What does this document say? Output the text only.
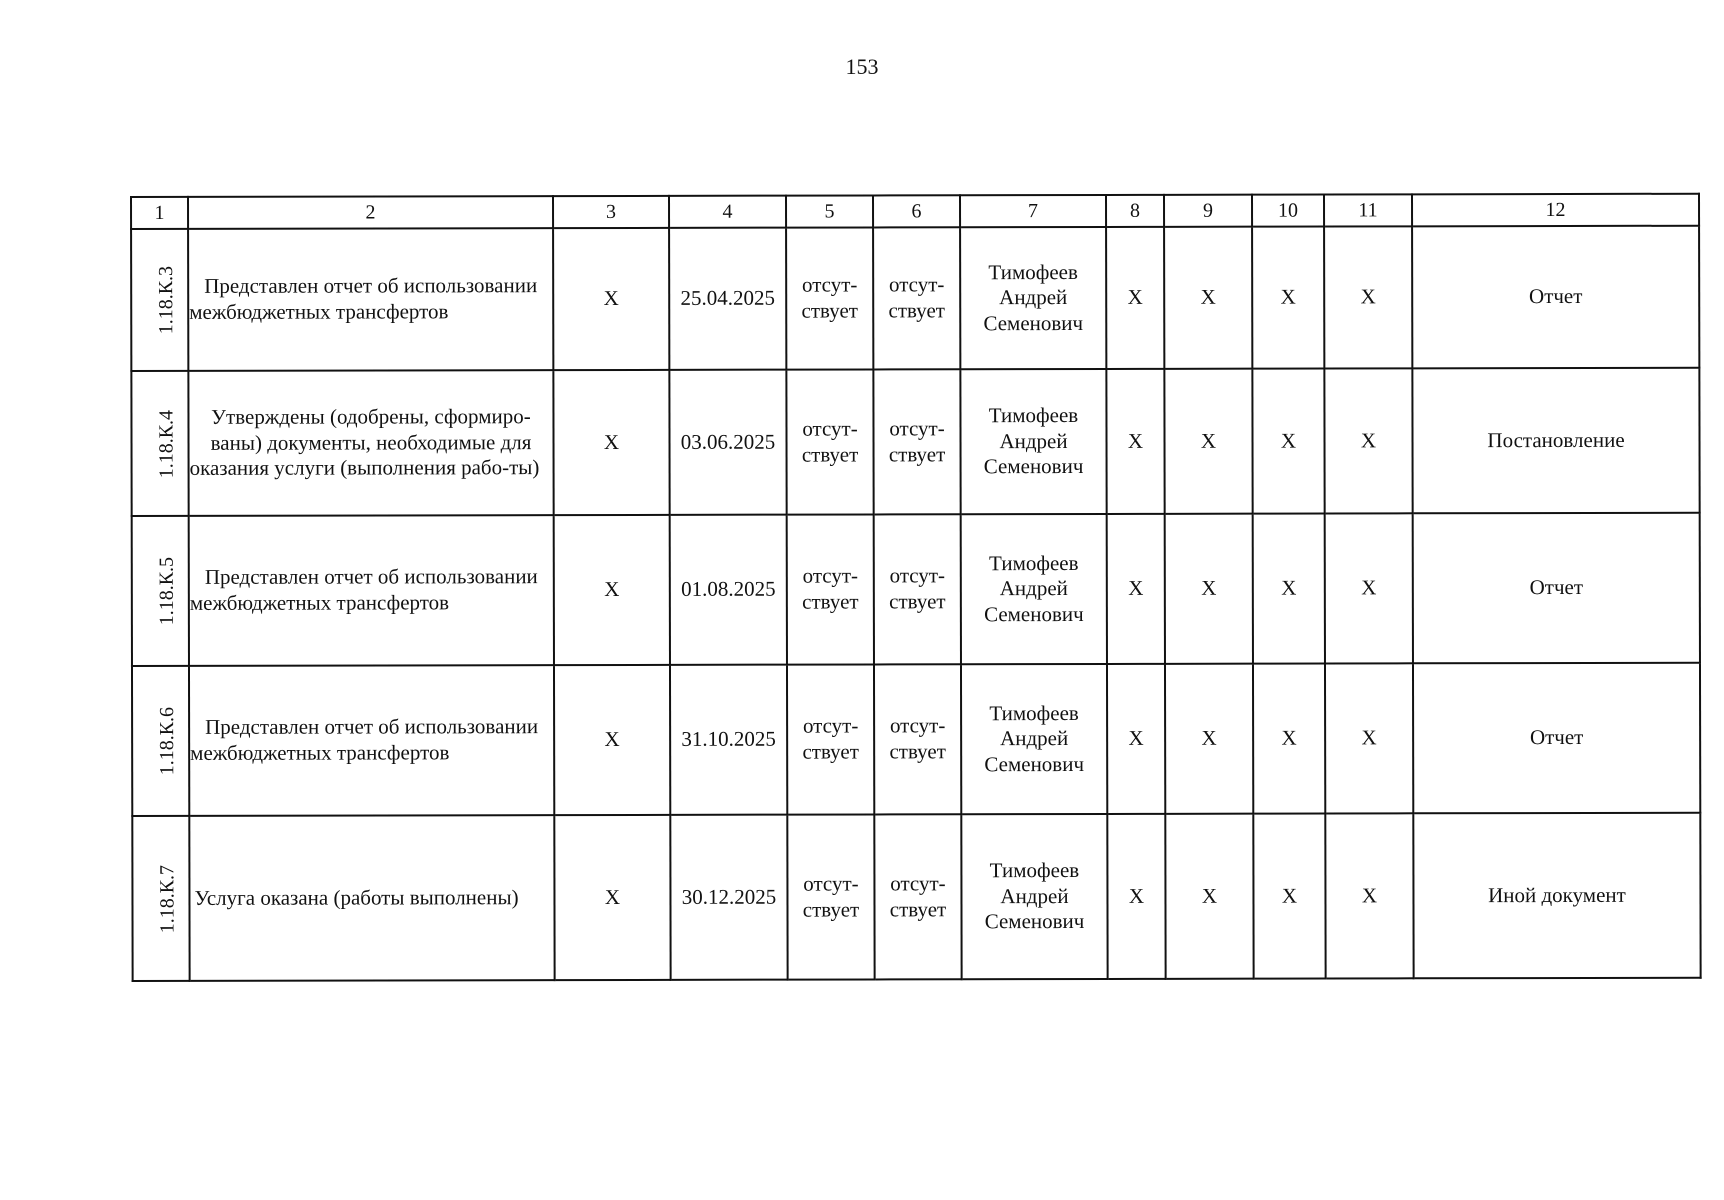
153
1	2	3	4	5	6	7	8	9	10	11	12
1.18.К.3	Представлен отчет об использовании межбюджетных трансфертов	X	25.04.2025	отсут-
ствует	отсут-
ствует	Тимофеев
Андрей
Семенович	X	X	X	X	Отчет
1.18.К.4	Утверждены (одобрены, сформиро-ваны) документы, необходимые для оказания услуги (выполнения рабо-ты)	X	03.06.2025	отсут-
ствует	отсут-
ствует	Тимофеев
Андрей
Семенович	X	X	X	X	Постановление
1.18.К.5	Представлен отчет об использовании межбюджетных трансфертов	X	01.08.2025	отсут-
ствует	отсут-
ствует	Тимофеев
Андрей
Семенович	X	X	X	X	Отчет
1.18.К.6	Представлен отчет об использовании межбюджетных трансфертов	X	31.10.2025	отсут-
ствует	отсут-
ствует	Тимофеев
Андрей
Семенович	X	X	X	X	Отчет
1.18.К.7	Услуга оказана (работы выполнены)	X	30.12.2025	отсут-
ствует	отсут-
ствует	Тимофеев
Андрей
Семенович	X	X	X	X	Иной документ
